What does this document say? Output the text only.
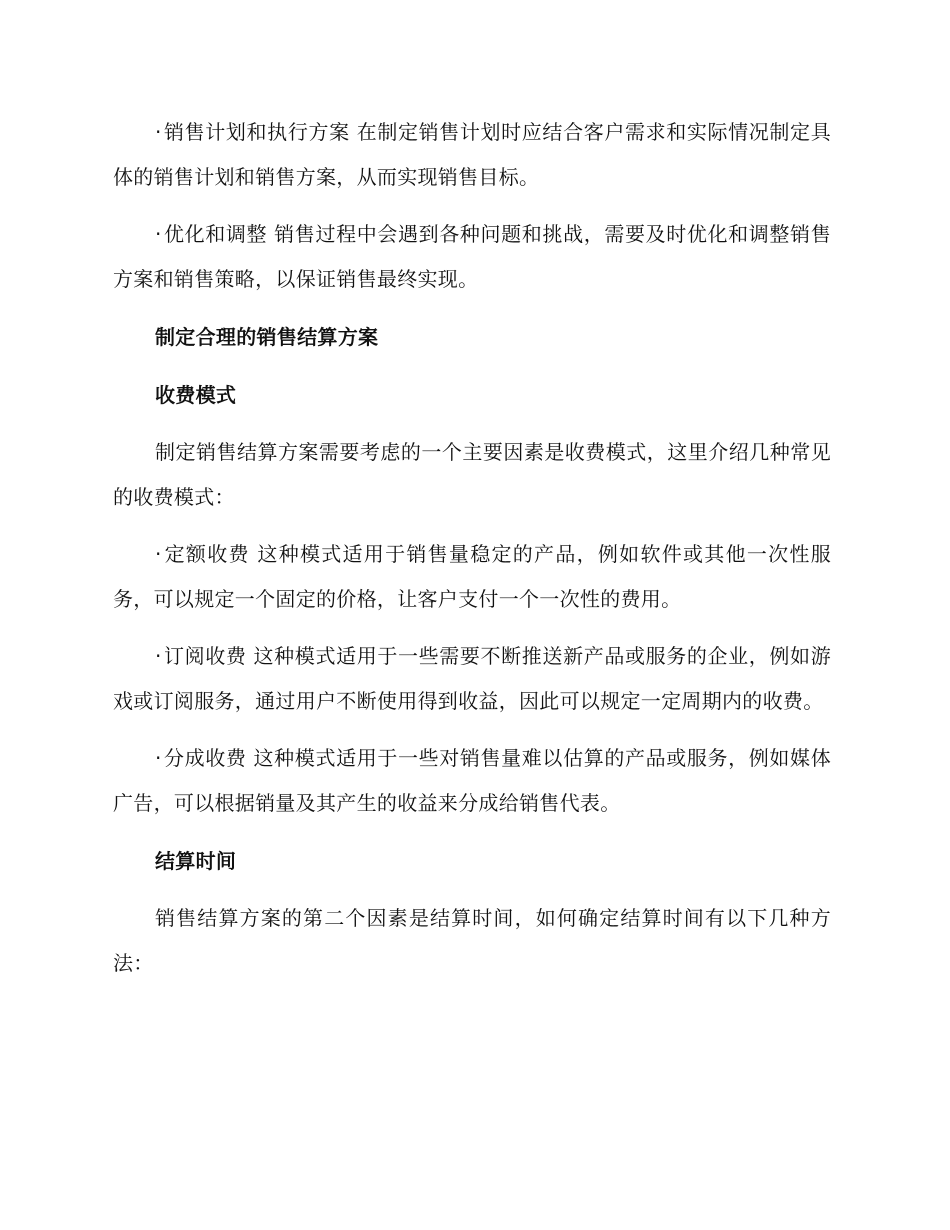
· 销售计划和执行方案 在制定销售计划时应结合客户需求和实际情况制定具体的销售计划和销售方案，从而实现销售目标。

· 优化和调整 销售过程中会遇到各种问题和挑战，需要及时优化和调整销售方案和销售策略，以保证销售最终实现。

制定合理的销售结算方案

收费模式

制定销售结算方案需要考虑的一个主要因素是收费模式，这里介绍几种常见的收费模式：

· 定额收费 这种模式适用于销售量稳定的产品，例如软件或其他一次性服务，可以规定一个固定的价格，让客户支付一个一次性的费用。

· 订阅收费 这种模式适用于一些需要不断推送新产品或服务的企业，例如游戏或订阅服务，通过用户不断使用得到收益，因此可以规定一定周期内的收费。

· 分成收费 这种模式适用于一些对销售量难以估算的产品或服务，例如媒体广告，可以根据销量及其产生的收益来分成给销售代表。

结算时间

销售结算方案的第二个因素是结算时间，如何确定结算时间有以下几种方法：
